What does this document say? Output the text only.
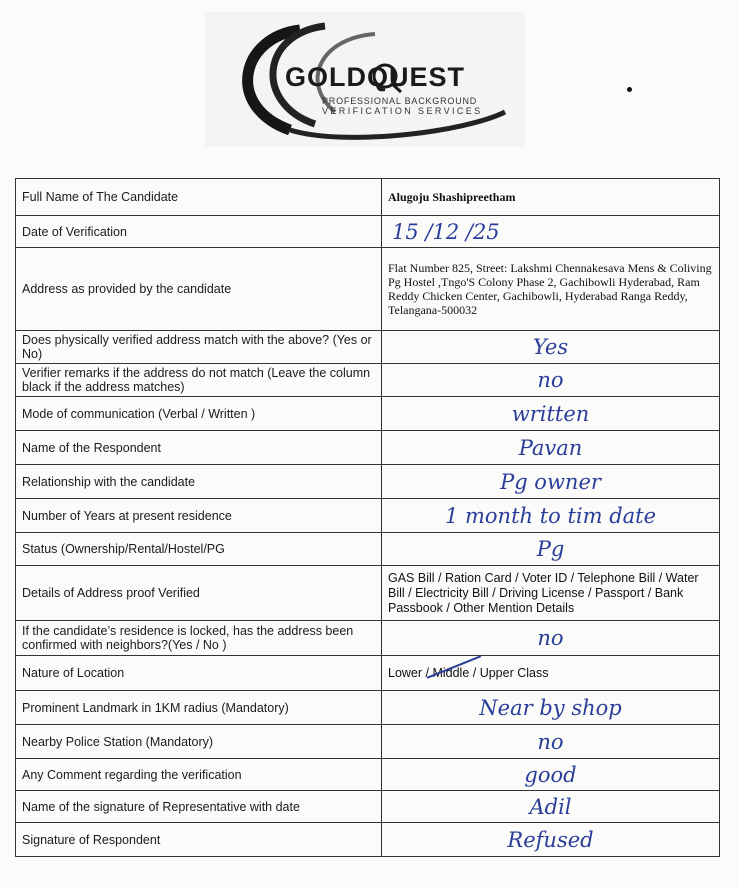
GOLDQUEST
PROFESSIONAL BACKGROUND
VERIFICATION SERVICES
Full Name of The Candidate	Alugoju Shashipreetham
Date of Verification	15 /12 /25

Address as provided by the candidate	Flat Number 825, Street: Lakshmi Chennakesava Mens & Coliving Pg Hostel ,Tngo'S Colony Phase 2, Gachibowli Hyderabad, Ram Reddy Chicken Center, Gachibowli, Hyderabad Ranga Reddy, Telangana-500032
Does physically verified address match with the above? (Yes or No)	Yes

Verifier remarks if the address do not match (Leave the column black if the address matches)	no

Mode of communication (Verbal / Written )	written

Name of the Respondent	Pavan

Relationship with the candidate	Pg owner

Number of Years at present residence	1 month to tim date

Status (Ownership/Rental/Hostel/PG	Pg

Details of Address proof Verified	GAS Bill / Ration Card / Voter ID / Telephone Bill / Water Bill / Electricity Bill / Driving License / Passport / Bank Passbook / Other Mention Details
If the candidate’s residence is locked, has the address been confirmed with neighbors?(Yes / No )	no

Nature of Location	Lower / Middle / Upper Class

Prominent Landmark in 1KM radius (Mandatory)	Near by shop

Nearby Police Station (Mandatory)	no

Any Comment regarding the verification	good

Name of the signature of Representative with date	Adil

Signature of Respondent	Refused
